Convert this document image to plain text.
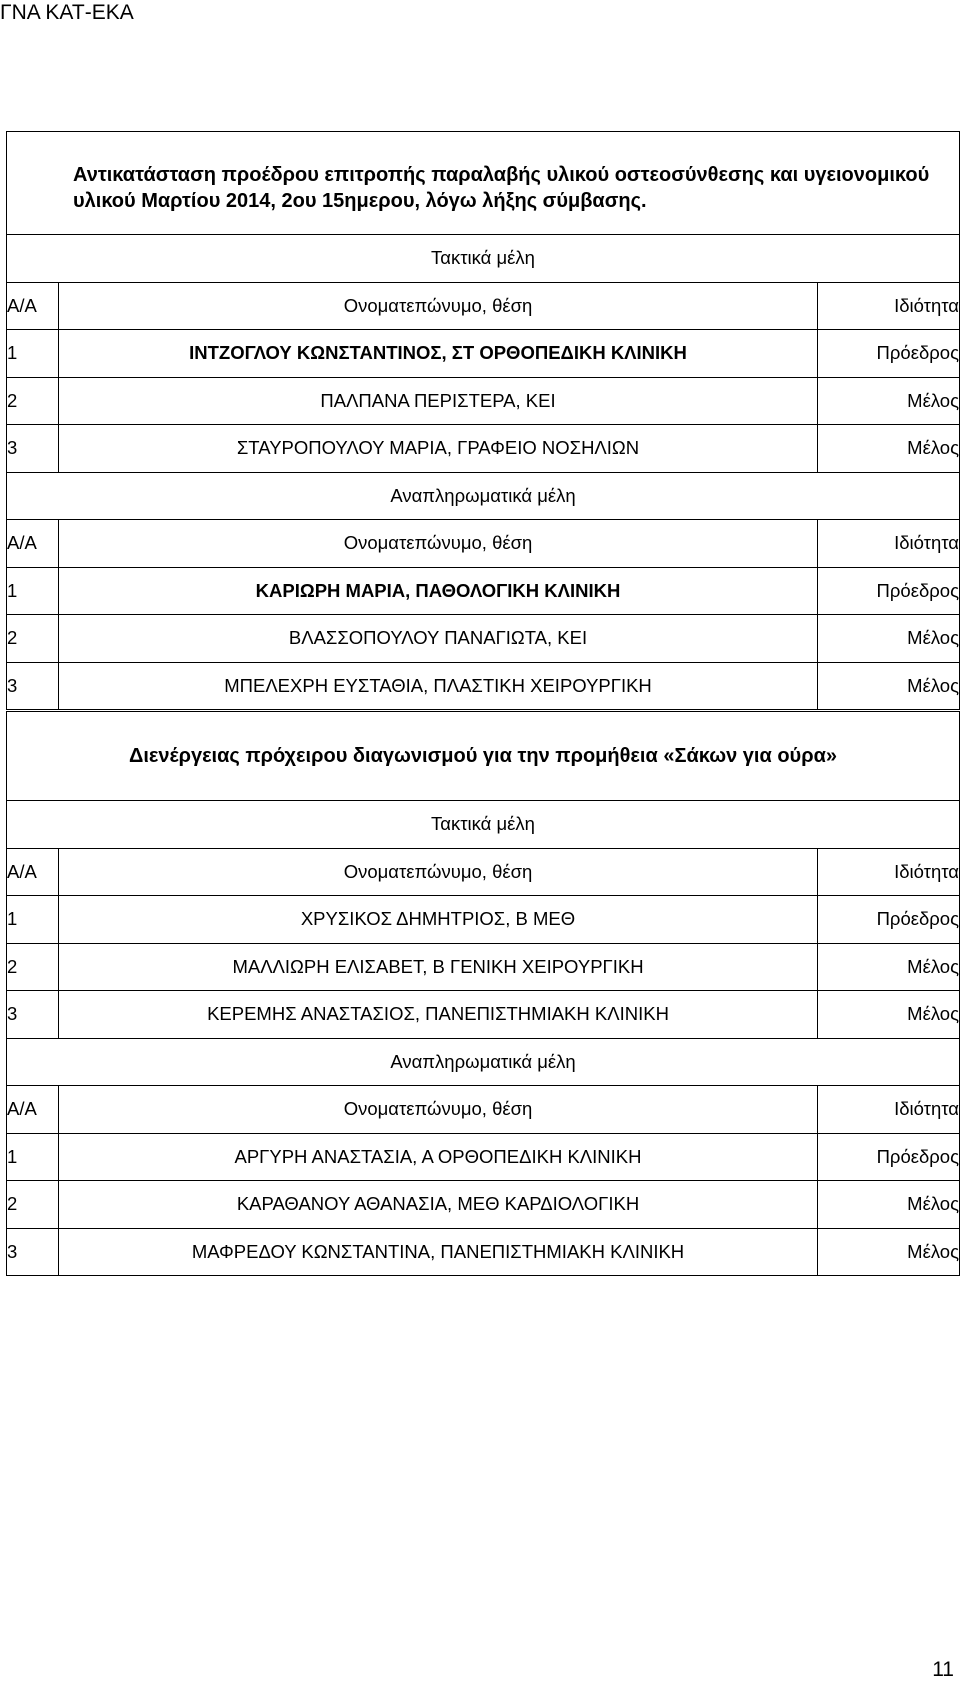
ΓΝΑ ΚΑΤ-ΕΚΑ
Αντικατάσταση προέδρου επιτροπής παραλαβής υλικού οστεοσύνθεσης και υγειονομικού υλικού Μαρτίου 2014, 2ου 15ημερου, λόγω λήξης σύμβασης.		
Τακτικά μέλη		
Α/Α	Ονοματεπώνυμο, θέση	Ιδιότητα
1	ΙΝΤΖΟΓΛΟΥ ΚΩΝΣΤΑΝΤΙΝΟΣ, ΣΤ ΟΡΘΟΠΕΔΙΚΗ ΚΛΙΝΙΚΗ	Πρόεδρος
2	ΠΑΛΠΑΝΑ ΠΕΡΙΣΤΕΡΑ, ΚΕΙ	Μέλος
3	ΣΤΑΥΡΟΠΟΥΛΟΥ ΜΑΡΙΑ, ΓΡΑΦΕΙΟ ΝΟΣΗΛΙΩΝ	Μέλος
Αναπληρωματικά μέλη		
Α/Α	Ονοματεπώνυμο, θέση	Ιδιότητα
1	ΚΑΡΙΩΡΗ ΜΑΡΙΑ, ΠΑΘΟΛΟΓΙΚΗ ΚΛΙΝΙΚΗ	Πρόεδρος
2	ΒΛΑΣΣΟΠΟΥΛΟΥ ΠΑΝΑΓΙΩΤΑ, ΚΕΙ	Μέλος
3	ΜΠΕΛΕΧΡΗ ΕΥΣΤΑΘΙΑ, ΠΛΑΣΤΙΚΗ ΧΕΙΡΟΥΡΓΙΚΗ	Μέλος
Διενέργειας πρόχειρου διαγωνισμού για την προμήθεια «Σάκων για ούρα»		
Τακτικά μέλη		
Α/Α	Ονοματεπώνυμο, θέση	Ιδιότητα
1	ΧΡΥΣΙΚΟΣ ΔΗΜΗΤΡΙΟΣ, Β ΜΕΘ	Πρόεδρος
2	ΜΑΛΛΙΩΡΗ ΕΛΙΣΑΒΕΤ, Β ΓΕΝΙΚΗ ΧΕΙΡΟΥΡΓΙΚΗ	Μέλος
3	ΚΕΡΕΜΗΣ ΑΝΑΣΤΑΣΙΟΣ, ΠΑΝΕΠΙΣΤΗΜΙΑΚΗ ΚΛΙΝΙΚΗ	Μέλος
Αναπληρωματικά μέλη		
Α/Α	Ονοματεπώνυμο, θέση	Ιδιότητα
1	ΑΡΓΥΡΗ ΑΝΑΣΤΑΣΙΑ, Α ΟΡΘΟΠΕΔΙΚΗ ΚΛΙΝΙΚΗ	Πρόεδρος
2	ΚΑΡΑΘΑΝΟΥ ΑΘΑΝΑΣΙΑ, ΜΕΘ ΚΑΡΔΙΟΛΟΓΙΚΗ	Μέλος
3	ΜΑΦΡΕΔΟΥ ΚΩΝΣΤΑΝΤΙΝΑ, ΠΑΝΕΠΙΣΤΗΜΙΑΚΗ ΚΛΙΝΙΚΗ	Μέλος
11
